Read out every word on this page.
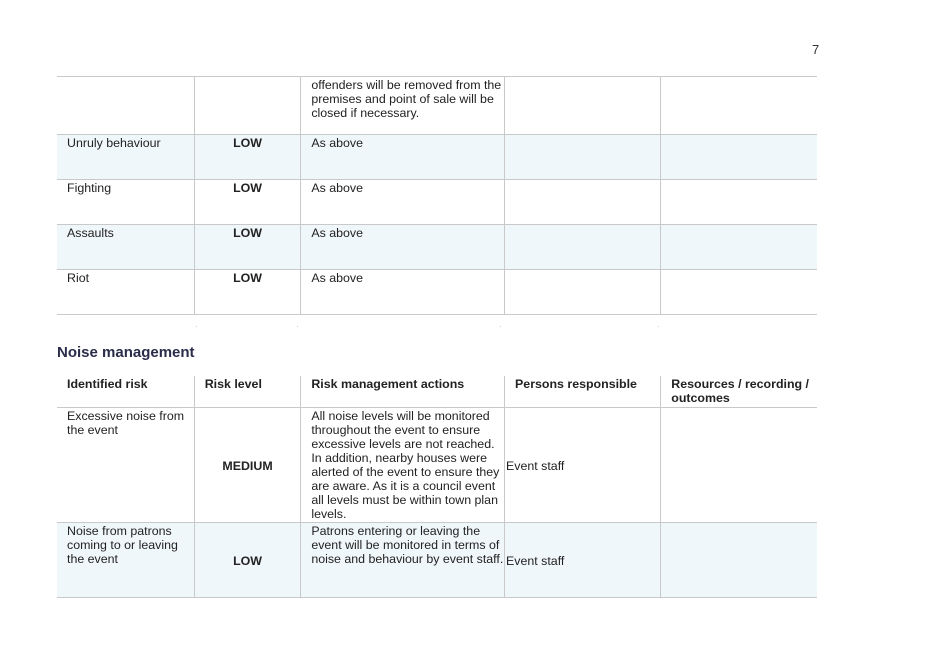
7
		offenders will be removed from the premises and point of sale will be closed if necessary.		
Unruly behaviour	LOW	As above		
Fighting	LOW	As above		
Assaults	LOW	As above		
Riot	LOW	As above		
Noise management
Identified risk	Risk level	Risk management actions	Persons responsible	Resources / recording / outcomes
Excessive noise from the event	MEDIUM	All noise levels will be monitored throughout the event to ensure excessive levels are not reached. In addition, nearby houses were alerted of the event to ensure they are aware. As it is a council event all levels must be within town plan levels.	Event staff	
Noise from patrons coming to or leaving the event	LOW	Patrons entering or leaving the event will be monitored in terms of noise and behaviour by event staff.	Event staff	
